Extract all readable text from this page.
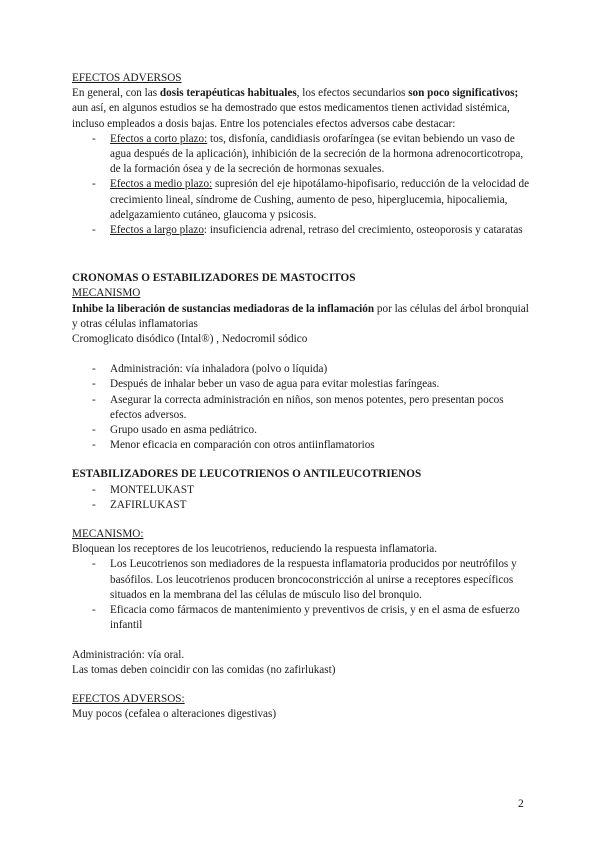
EFECTOS ADVERSOS

En general, con las dosis terapéuticas habituales, los efectos secundarios son poco significativos; aun así, en algunos estudios se ha demostrado que estos medicamentos tienen actividad sistémica, incluso empleados a dosis bajas. Entre los potenciales efectos adversos cabe destacar:

- Efectos a corto plazo: tos, disfonía, candidiasis orofaríngea (se evitan bebiendo un vaso de agua después de la aplicación), inhibición de la secreción de la hormona adrenocorticotropa, de la formación ósea y de la secreción de hormonas sexuales.
- Efectos a medio plazo: supresión del eje hipotálamo-hipofisario, reducción de la velocidad de crecimiento lineal, síndrome de Cushing, aumento de peso, hiperglucemia, hipocaliemia, adelgazamiento cutáneo, glaucoma y psicosis.
- Efectos a largo plazo: insuficiencia adrenal, retraso del crecimiento, osteoporosis y cataratas

CRONOMAS O ESTABILIZADORES DE MASTOCITOS

MECANISMO

Inhibe la liberación de sustancias mediadoras de la inflamación por las células del árbol bronquial y otras células inflamatorias

Cromoglicato disódico (Intal®) , Nedocromil sódico

- Administración: vía inhaladora (polvo o líquida)
- Después de inhalar beber un vaso de agua para evitar molestias faríngeas.
- Asegurar la correcta administración en niños, son menos potentes, pero presentan pocos efectos adversos.
- Grupo usado en asma pediátrico.
- Menor eficacia en comparación con otros antiinflamatorios

ESTABILIZADORES DE LEUCOTRIENOS O ANTILEUCOTRIENOS

- MONTELUKAST
- ZAFIRLUKAST

MECANISMO:

Bloquean los receptores de los leucotrienos, reduciendo la respuesta inflamatoria.

- Los Leucotrienos son mediadores de la respuesta inflamatoria producidos por neutrófilos y basófilos. Los leucotrienos producen broncoconstricción al unirse a receptores específicos situados en la membrana del las células de músculo liso del bronquio.
- Eficacia como fármacos de mantenimiento y preventivos de crisis, y en el asma de esfuerzo infantil

Administración: vía oral.

Las tomas deben coincidir con las comidas (no zafirlukast)

EFECTOS ADVERSOS:

Muy pocos (cefalea o alteraciones digestivas)

2
